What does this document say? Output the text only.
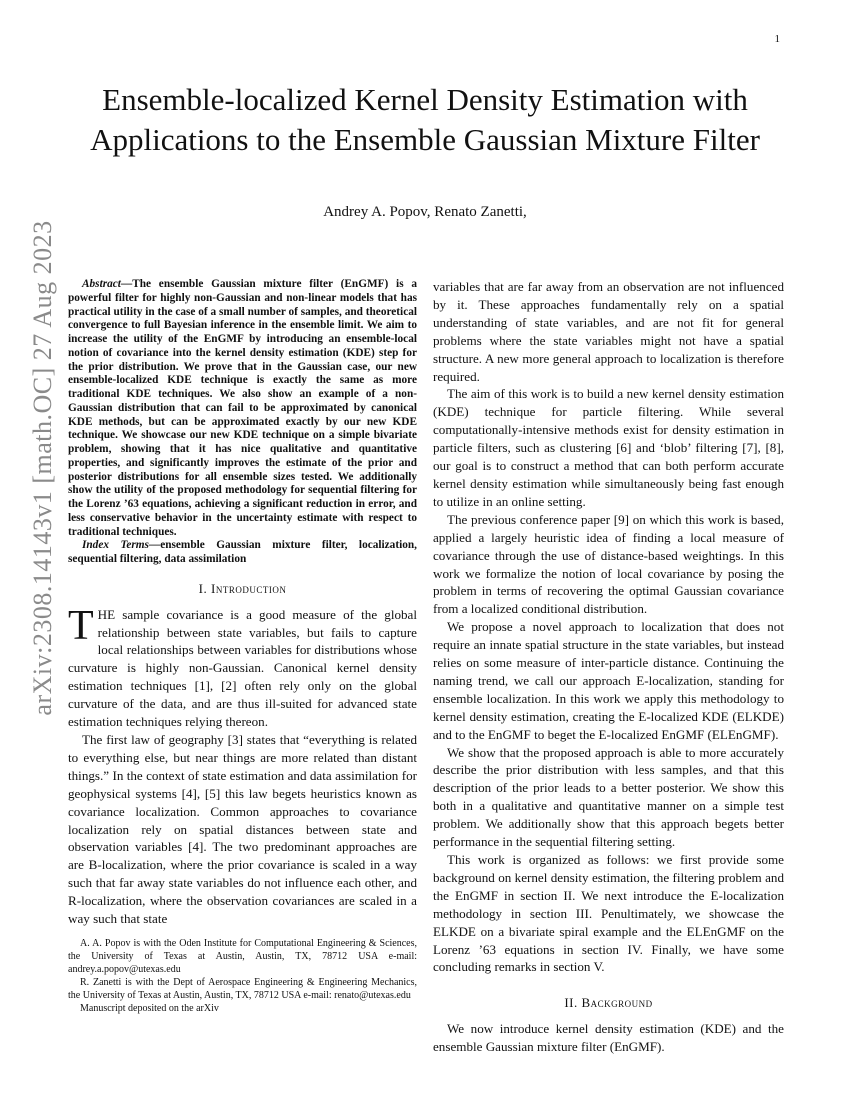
1
arXiv:2308.14143v1 [math.OC] 27 Aug 2023
Ensemble-localized Kernel Density Estimation with Applications to the Ensemble Gaussian Mixture Filter
Andrey A. Popov, Renato Zanetti,

Abstract—The ensemble Gaussian mixture filter (EnGMF) is a powerful filter for highly non-Gaussian and non-linear models that has practical utility in the case of a small number of samples, and theoretical convergence to full Bayesian inference in the ensemble limit. We aim to increase the utility of the EnGMF by introducing an ensemble-local notion of covariance into the kernel density estimation (KDE) step for the prior distribution. We prove that in the Gaussian case, our new ensemble-localized KDE technique is exactly the same as more traditional KDE techniques. We also show an example of a non-Gaussian distribution that can fail to be approximated by canonical KDE methods, but can be approximated exactly by our new KDE technique. We showcase our new KDE technique on a simple bivariate problem, showing that it has nice qualitative and quantitative properties, and significantly improves the estimate of the prior and posterior distributions for all ensemble sizes tested. We additionally show the utility of the proposed methodology for sequential filtering for the Lorenz ’63 equations, achieving a significant reduction in error, and less conservative behavior in the uncertainty estimate with respect to traditional techniques.

Index Terms—ensemble Gaussian mixture filter, localization, sequential filtering, data assimilation

I. Introduction

THE sample covariance is a good measure of the global relationship between state variables, but fails to capture local relationships between variables for distributions whose curvature is highly non-Gaussian. Canonical kernel density estimation techniques [1], [2] often rely only on the global curvature of the data, and are thus ill-suited for advanced state estimation techniques relying thereon.

The first law of geography [3] states that “everything is related to everything else, but near things are more related than distant things.” In the context of state estimation and data assimilation for geophysical systems [4], [5] this law begets heuristics known as covariance localization. Common approaches to covariance localization rely on spatial distances between state and observation variables [4]. The two predominant approaches are are B-localization, where the prior covariance is scaled in a way such that far away state variables do not influence each other, and R-localization, where the observation covariances are scaled in a way such that state

A. A. Popov is with the Oden Institute for Computational Engineering & Sciences, the University of Texas at Austin, Austin, TX, 78712 USA e-mail: andrey.a.popov@utexas.edu

R. Zanetti is with the Dept of Aerospace Engineering & Engineering Mechanics, the University of Texas at Austin, Austin, TX, 78712 USA e-mail: renato@utexas.edu

Manuscript deposited on the arXiv

variables that are far away from an observation are not influenced by it. These approaches fundamentally rely on a spatial understanding of state variables, and are not fit for general problems where the state variables might not have a spatial structure. A new more general approach to localization is therefore required.

The aim of this work is to build a new kernel density estimation (KDE) technique for particle filtering. While several computationally-intensive methods exist for density estimation in particle filters, such as clustering [6] and ‘blob’ filtering [7], [8], our goal is to construct a method that can both perform accurate kernel density estimation while simultaneously being fast enough to utilize in an online setting.

The previous conference paper [9] on which this work is based, applied a largely heuristic idea of finding a local measure of covariance through the use of distance-based weightings. In this work we formalize the notion of local covariance by posing the problem in terms of recovering the optimal Gaussian covariance from a localized conditional distribution.

We propose a novel approach to localization that does not require an innate spatial structure in the state variables, but instead relies on some measure of inter-particle distance. Continuing the naming trend, we call our approach E-localization, standing for ensemble localization. In this work we apply this methodology to kernel density estimation, creating the E-localized KDE (ELKDE) and to the EnGMF to beget the E-localized EnGMF (ELEnGMF).

We show that the proposed approach is able to more accurately describe the prior distribution with less samples, and that this description of the prior leads to a better posterior. We show this both in a qualitative and quantitative manner on a simple test problem. We additionally show that this approach begets better performance in the sequential filtering setting.

This work is organized as follows: we first provide some background on kernel density estimation, the filtering problem and the EnGMF in section II. We next introduce the E-localization methodology in section III. Penultimately, we showcase the ELKDE on a bivariate spiral example and the ELEnGMF on the Lorenz ’63 equations in section IV. Finally, we have some concluding remarks in section V.

II. Background

We now introduce kernel density estimation (KDE) and the ensemble Gaussian mixture filter (EnGMF).
